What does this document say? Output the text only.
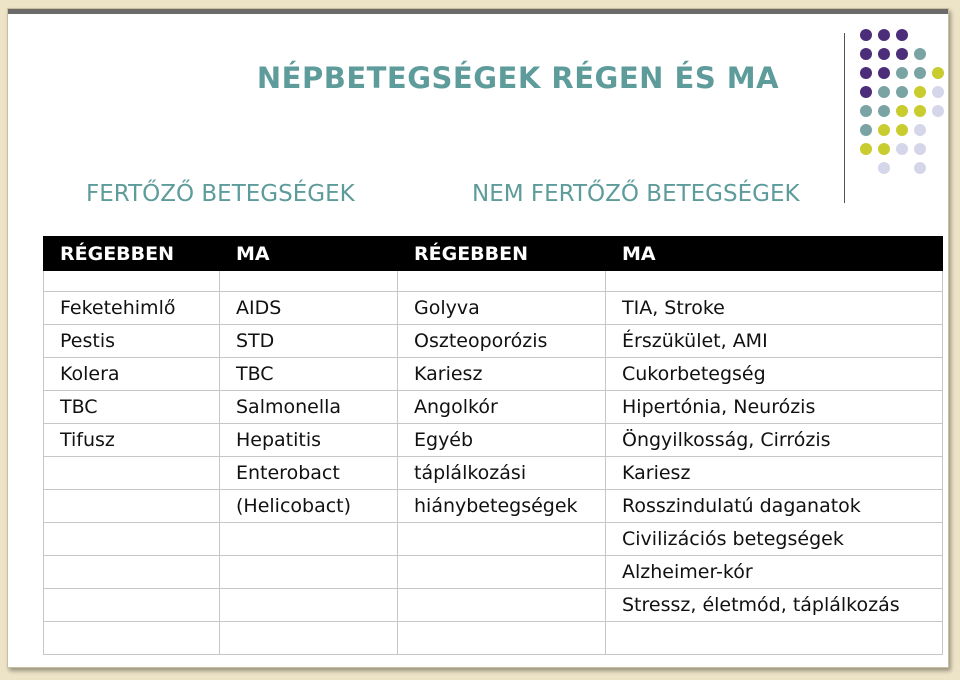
NÉPBETEGSÉGEK RÉGEN ÉS MA
FERTŐZŐ BETEGSÉGEK	NEM FERTŐZŐ BETEGSÉGEK
RÉGEBBEN	MA	RÉGEBBEN	MA

Feketehimlő	AIDS	Golyva	TIA, Stroke
Pestis	STD	Oszteoporózis	Érszükület, AMI
Kolera	TBC	Kariesz	Cukorbetegség
TBC	Salmonella	Angolkór	Hipertónia, Neurózis
Tifusz	Hepatitis	Egyéb	Öngyilkosság, Cirrózis
	Enterobact	táplálkozási	Kariesz
	(Helicobact)	hiánybetegségek	Rosszindulatú daganatok
			Civilizációs betegségek
			Alzheimer-kór
			Stressz, életmód, táplálkozás
